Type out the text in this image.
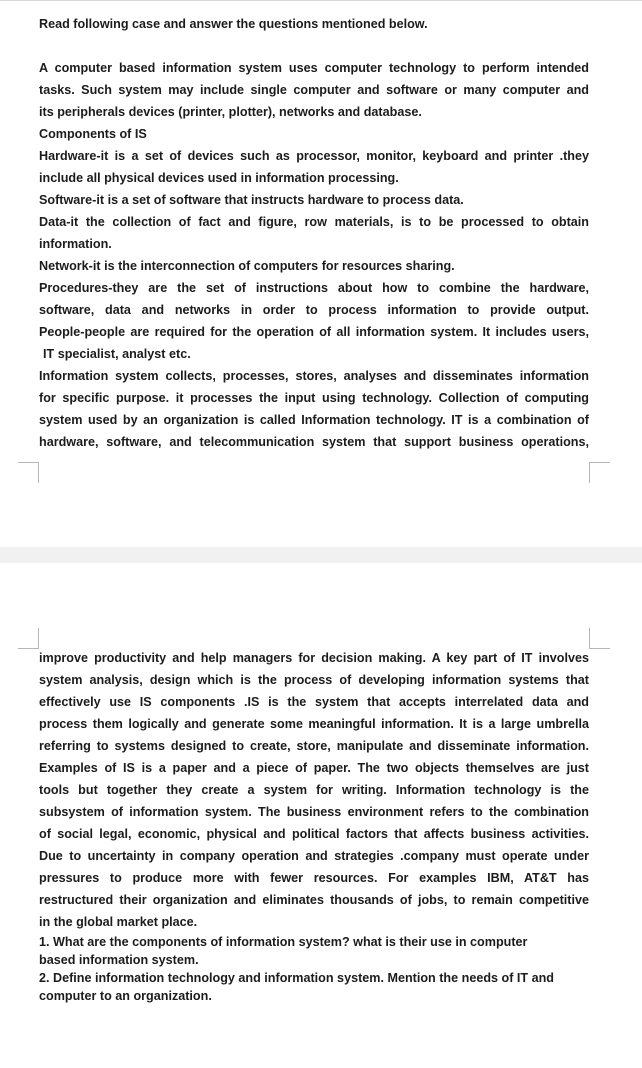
Read following case and answer the questions mentioned below.
A computer based information system uses computer technology to perform intended
tasks. Such system may include single computer and software or many computer and
its peripherals devices (printer, plotter), networks and database.
Components of IS
Hardware-it is a set of devices such as processor, monitor, keyboard and printer .they
include all physical devices used in information processing.
Software-it is a set of software that instructs hardware to process data.
Data-it the collection of fact and figure, row materials, is to be processed to obtain
information.
Network-it is the interconnection of computers for resources sharing.
Procedures-they are the set of instructions about how to combine the hardware,
software, data and networks in order to process information to provide output.
People-people are required for the operation of all information system. It includes users,
IT specialist, analyst etc.
Information system collects, processes, stores, analyses and disseminates information
for specific purpose. it processes the input using technology. Collection of computing
system used by an organization is called Information technology. IT is a combination of
hardware, software, and telecommunication system that support business operations,
improve productivity and help managers for decision making. A key part of IT involves
system analysis, design which is the process of developing information systems that
effectively use IS components .IS is the system that accepts interrelated data and
process them logically and generate some meaningful information. It is a large umbrella
referring to systems designed to create, store, manipulate and disseminate information.
Examples of IS is a paper and a piece of paper. The two objects themselves are just
tools but together they create a system for writing. Information technology is the
subsystem of information system. The business environment refers to the combination
of social legal, economic, physical and political factors that affects business activities.
Due to uncertainty in company operation and strategies .company must operate under
pressures to produce more with fewer resources. For examples IBM, AT&T has
restructured their organization and eliminates thousands of jobs, to remain competitive
in the global market place.
1. What are the components of information system? what is their use in computer
based information system.
2. Define information technology and information system. Mention the needs of IT and
computer to an organization.
